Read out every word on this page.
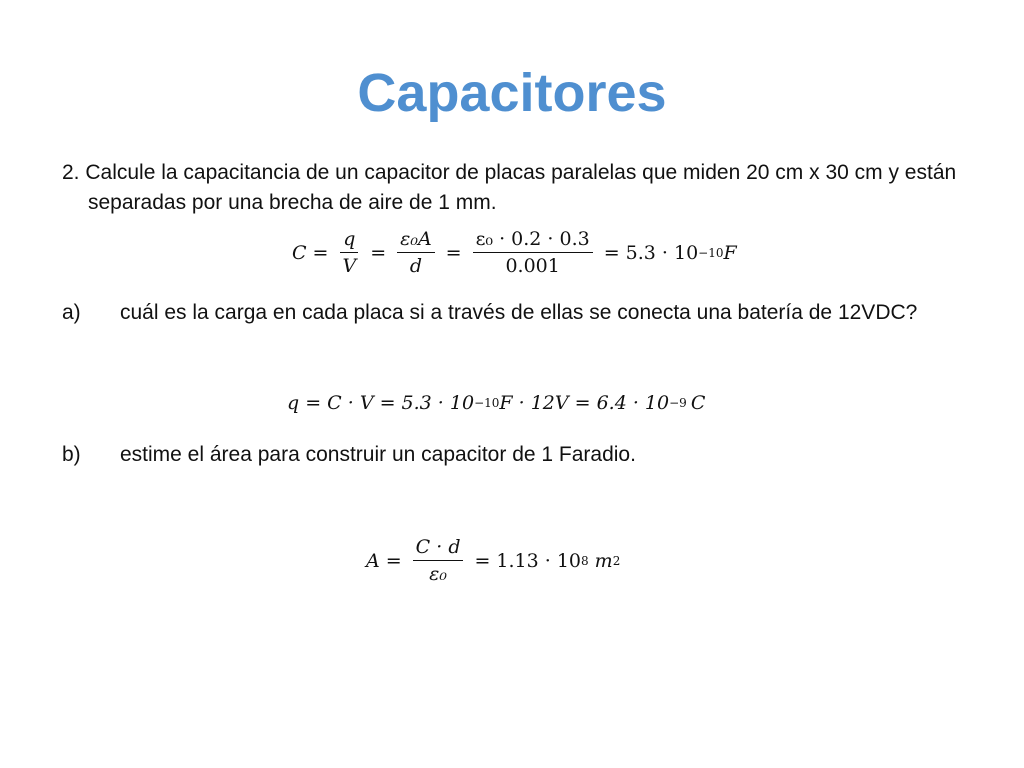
Capacitores
2. Calcule la capacitancia de un capacitor de placas paralelas que miden 20 cm x 30 cm y están separadas por una brecha de aire de 1 mm.
$C = \frac{q}{V} = \frac{\text{ε₀A}}{d} = \frac{\text{ε₀ · 0.2 · 0.3}}{0.001} = 5.3 \cdot 10 -10$ F
a) cuál es la carga en cada placa si a través de ellas se conecta una batería de 12VDC?
q = C · V = 5.3 · 10 −10 F · 12V = 6.4 · 10 −9 C
b) estime el área para construir un capacitor de 1 Faradio.
$A = \frac{C \cdot d}{\text{ε₀}} = 1.13 \cdot 10$ 8 m 2
